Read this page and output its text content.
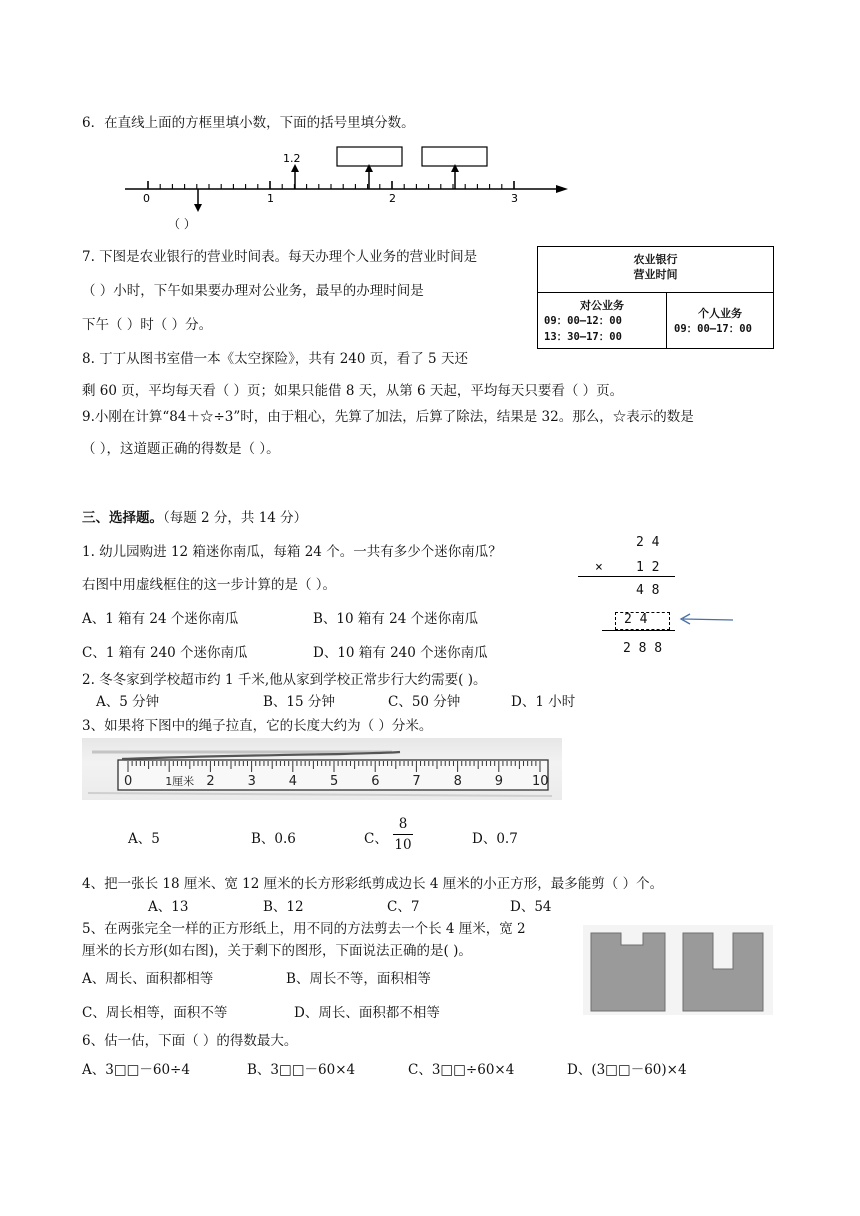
6．在直线上面的方框里填小数，下面的括号里填分数。
1.2
0	1	2	3
（ ）
7. 下图是农业银行的营业时间表。每天办理个人业务的营业时间是
（ ）小时，下午如果要办理对公业务，最早的办理时间是
下午（ ）时（ ）分。
农业银行
营业时间
对公业务
09：00—12：00
13：30—17：00
个人业务
09：00—17：00
8. 丁丁从图书室借一本《太空探险》，共有 240 页，看了 5 天还
剩 60 页，平均每天看（ ）页；如果只能借 8 天，从第 6 天起，平均每天只要看（ ）页。
9.小刚在计算“84＋☆÷3”时，由于粗心，先算了加法，后算了除法，结果是 32。那么，☆表示的数是
（ ），这道题正确的得数是（ ）。
三、选择题。（每题 2 分，共 14 分）
1. 幼儿园购进 12 箱迷你南瓜，每箱 24 个。一共有多少个迷你南瓜？
右图中用虚线框住的这一步计算的是（ ）。
A、1 箱有 24 个迷你南瓜	B、10 箱有 24 个迷你南瓜
C、1 箱有 240 个迷你南瓜	D、10 箱有 240 个迷你南瓜
2 4
×	1 2
4 8
2 4
2 8 8
2. 冬冬家到学校超市约 1 千米,他从家到学校正常步行大约需要( )。
A、5 分钟	B、15 分钟	C、50 分钟	D、1 小时
3、如果将下图中的绳子拉直，它的长度大约为（ ）分米。
0	1厘米 2	3	4	5	6	7	8	9 10
A、5	B、0.6	C、
8
10	D、0.7
4、把一张长 18 厘米、宽 12 厘米的长方形彩纸剪成边长 4 厘米的小正方形，最多能剪（ ）个。
A、13	B、12	C、7	D、54
5、在两张完全一样的正方形纸上，用不同的方法剪去一个长 4 厘米，宽 2
厘米的长方形(如右图)，关于剩下的图形，下面说法正确的是( )。
A、周长、面积都相等	B、周长不等，面积相等
C、周长相等，面积不等	D、周长、面积都不相等
6、估一估，下面（ ）的得数最大。
A、3□□－60÷4	B、3□□－60×4	C、3□□÷60×4	D、(3□□－60)×4
